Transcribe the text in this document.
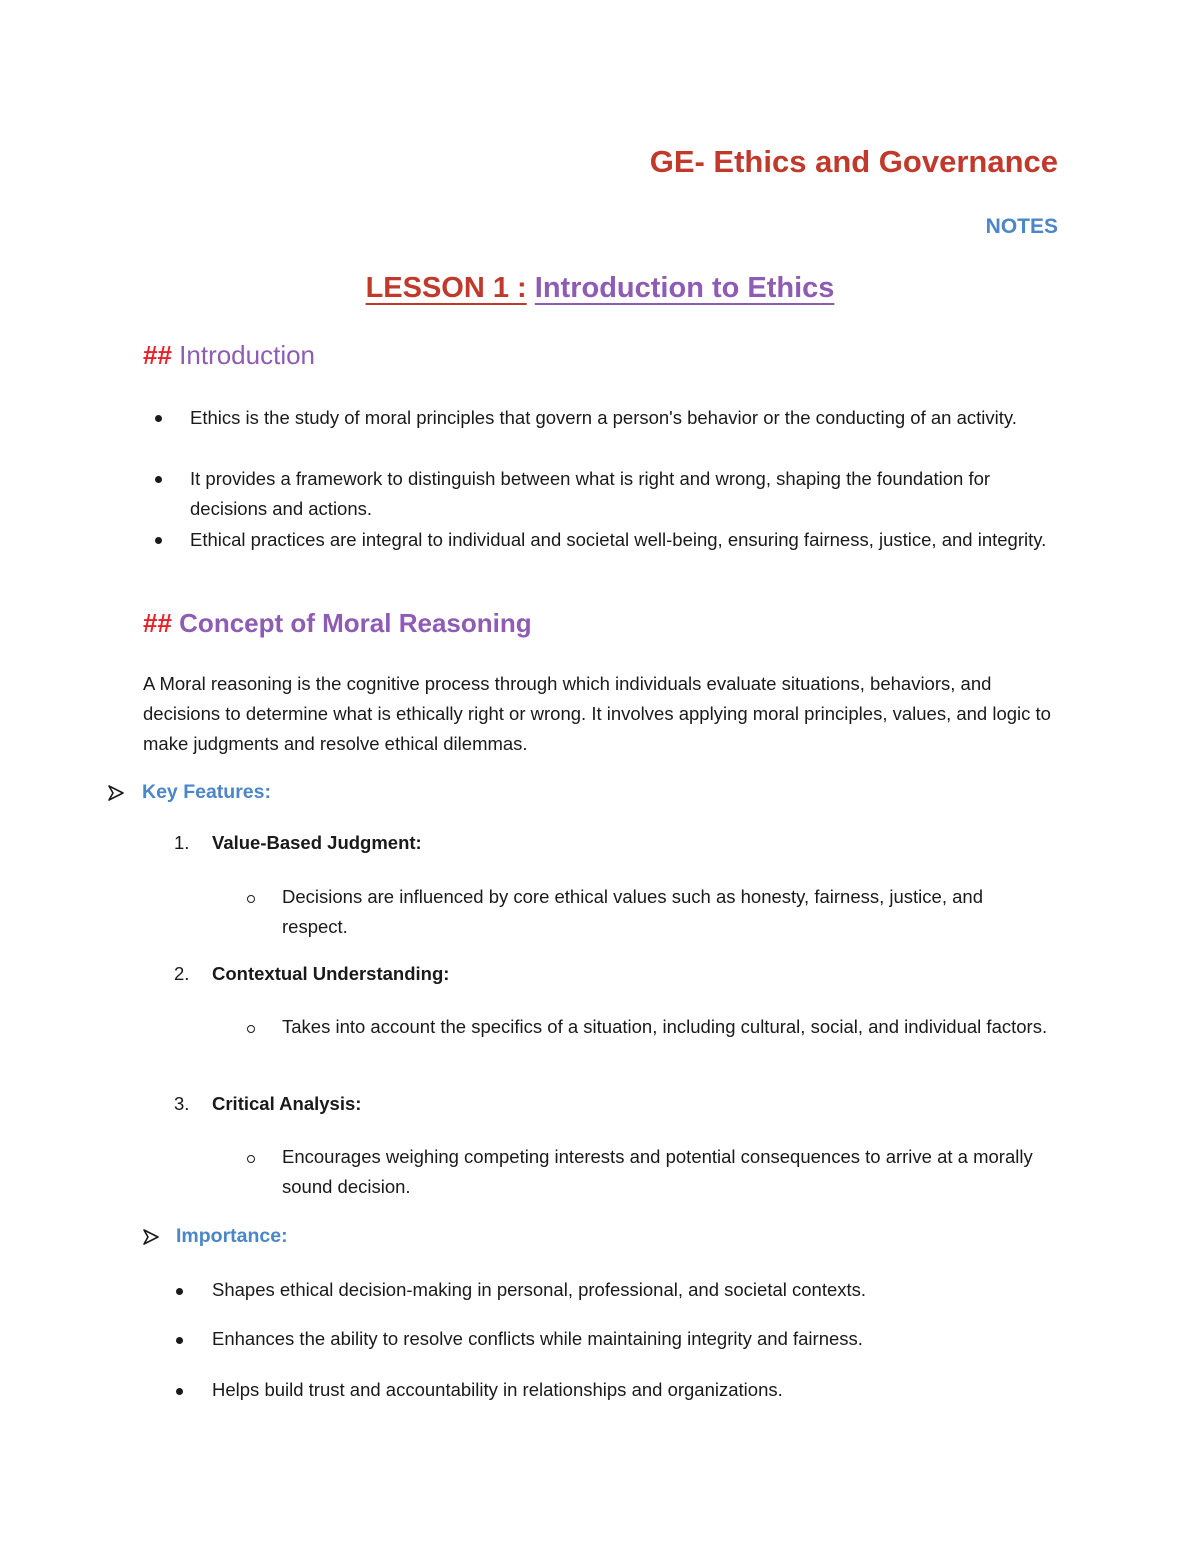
GE- Ethics and Governance
NOTES
LESSON 1 : Introduction to Ethics
## Introduction
Ethics is the study of moral principles that govern a person's behavior or the conducting of an activity.
It provides a framework to distinguish between what is right and wrong, shaping the foundation for decisions and actions.
Ethical practices are integral to individual and societal well-being, ensuring fairness, justice, and integrity.
## Concept of Moral Reasoning
A Moral reasoning is the cognitive process through which individuals evaluate situations, behaviors, and decisions to determine what is ethically right or wrong. It involves applying moral principles, values, and logic to make judgments and resolve ethical dilemmas.
Key Features:
1. Value-Based Judgment:
Decisions are influenced by core ethical values such as honesty, fairness, justice, and respect.
2. Contextual Understanding:
Takes into account the specifics of a situation, including cultural, social, and individual factors.
3. Critical Analysis:
Encourages weighing competing interests and potential consequences to arrive at a morally sound decision.
Importance:
Shapes ethical decision-making in personal, professional, and societal contexts.
Enhances the ability to resolve conflicts while maintaining integrity and fairness.
Helps build trust and accountability in relationships and organizations.
